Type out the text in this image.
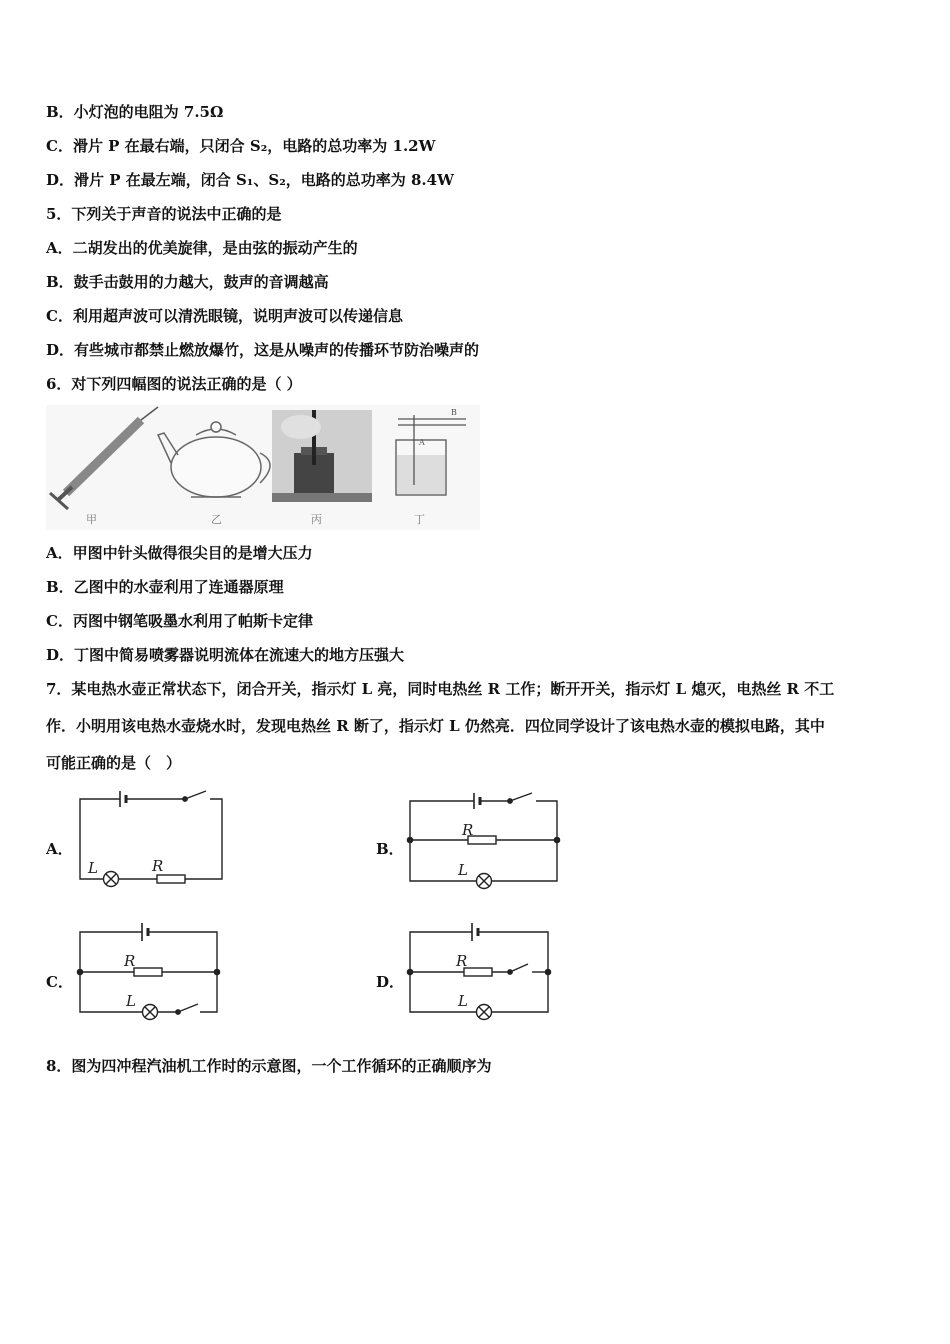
B．小灯泡的电阻为 7.5Ω
C．滑片 P 在最右端，只闭合 S₂，电路的总功率为 1.2W
D．滑片 P 在最左端，闭合 S₁、S₂，电路的总功率为 8.4W
5．下列关于声音的说法中正确的是
A．二胡发出的优美旋律，是由弦的振动产生的
B．鼓手击鼓用的力越大，鼓声的音调越高
C．利用超声波可以清洗眼镜，说明声波可以传递信息
D．有些城市都禁止燃放爆竹，这是从噪声的传播环节防治噪声的
6．对下列四幅图的说法正确的是（ ）
B
A
甲	乙	丙	丁
A．甲图中针头做得很尖目的是增大压力
B．乙图中的水壶利用了连通器原理
C．丙图中钢笔吸墨水利用了帕斯卡定律
D．丁图中简易喷雾器说明流体在流速大的地方压强大
7．某电热水壶正常状态下，闭合开关，指示灯 L 亮，同时电热丝 R 工作；断开开关，指示灯 L 熄灭，电热丝 R 不工
作．小明用该电热水壶烧水时，发现电热丝 R 断了，指示灯 L 仍然亮．四位同学设计了该电热水壶的模拟电路，其中
可能正确的是（　）
A．	B．
C．	D．
L	R
R
L
R
L
R
L
8．图为四冲程汽油机工作时的示意图，一个工作循环的正确顺序为
